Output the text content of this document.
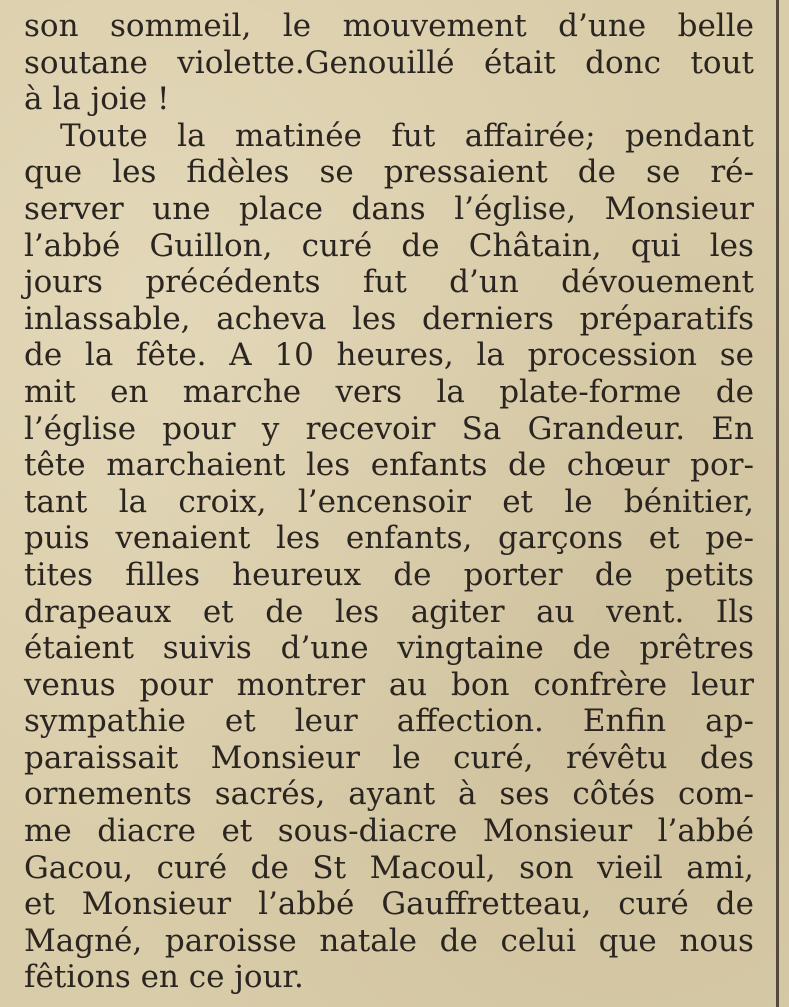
son sommeil, le mouvement d’une belle
soutane violette.Genouillé était donc tout
à la joie !
Toute la matinée fut affairée; pendant
que les fidèles se pressaient de se ré-
server une place dans l’église, Monsieur
l’abbé Guillon, curé de Châtain, qui les
jours précédents fut d’un dévouement
inlassable, acheva les derniers préparatifs
de la fête. A 10 heures, la procession se
mit en marche vers la plate-forme de
l’église pour y recevoir Sa Grandeur. En
tête marchaient les enfants de chœur por-
tant la croix, l’encensoir et le bénitier,
puis venaient les enfants, garçons et pe-
tites filles heureux de porter de petits
drapeaux et de les agiter au vent. Ils
étaient suivis d’une vingtaine de prêtres
venus pour montrer au bon confrère leur
sympathie et leur affection. Enfin ap-
paraissait Monsieur le curé, révêtu des
ornements sacrés, ayant à ses côtés com-
me diacre et sous-diacre Monsieur l’abbé
Gacou, curé de St Macoul, son vieil ami,
et Monsieur l’abbé Gauffretteau, curé de
Magné, paroisse natale de celui que nous
fêtions en ce jour.
